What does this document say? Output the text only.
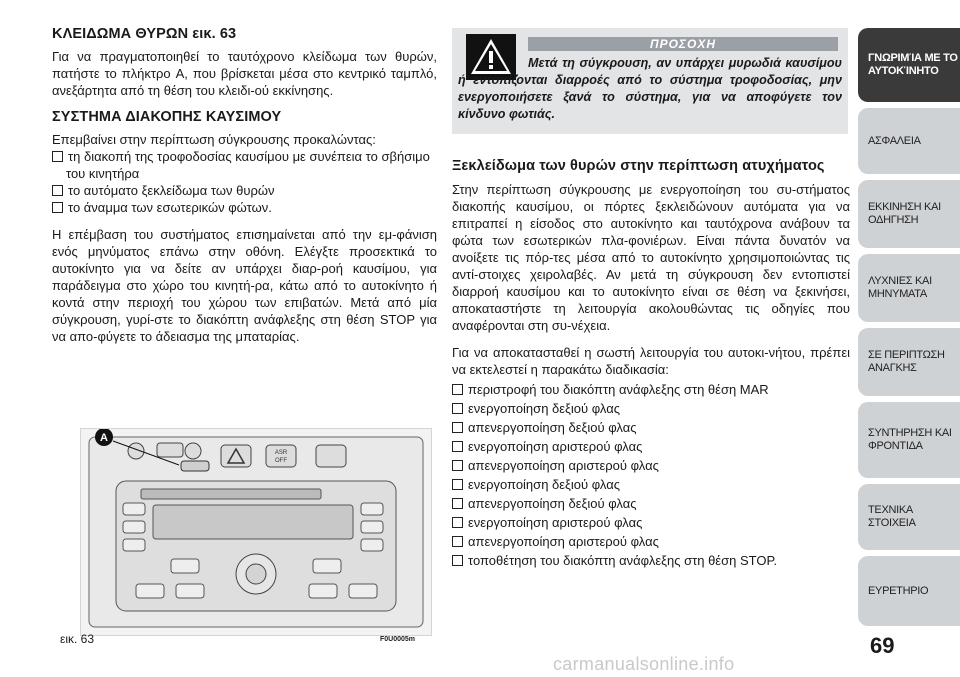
ΚΛΕΙΔΩΜΑ ΘΥΡΩΝ εικ. 63

Για να πραγματοποιηθεί το ταυτόχρονο κλείδωμα των θυρών, πατήστε το πλήκτρο A, που βρίσκεται μέσα στο κεντρικό ταμπλό, ανεξάρτητα από τη θέση του κλειδι-ού εκκίνησης.

ΣΥΣΤΗΜΑ ΔΙΑΚΟΠΗΣ ΚΑΥΣΙΜΟΥ

Επεμβαίνει στην περίπτωση σύγκρουσης προκαλώντας:

τη διακοπή της τροφοδοσίας καυσίμου με συνέπεια το σβήσιμο του κινητήρα
το αυτόματο ξεκλείδωμα των θυρών
το άναμμα των εσωτερικών φώτων.

Η επέμβαση του συστήματος επισημαίνεται από την εμ-φάνιση ενός μηνύματος επάνω στην οθόνη. Ελέγξτε προσεκτικά το αυτοκίνητο για να δείτε αν υπάρχει διαρ-ροή καυσίμου, για παράδειγμα στο χώρο του κινητή-ρα, κάτω από το αυτοκίνητο ή κοντά στην περιοχή του χώρου των επιβατών. Μετά από μία σύγκρουση, γυρί-στε το διακόπτη ανάφλεξης στη θέση STOP για να απο-φύγετε το άδειασμα της μπαταρίας.

ASR
OFF
A
εικ. 63	F0U0005m
ΠΡΟΣΟΧΗ
Μετά τη σύγκρουση, αν υπάρχει μυρωδιά καυσίμου ή εντοπίζονται διαρροές από το σύστημα τροφοδοσίας, μην ενεργοποιήσετε ξανά το σύστημα, για να αποφύγετε τον κίνδυνο φωτιάς.
Ξεκλείδωμα των θυρών στην περίπτωση ατυχήματος

Στην περίπτωση σύγκρουσης με ενεργοποίηση του συ-στήματος διακοπής καυσίμου, οι πόρτες ξεκλειδώνουν αυτόματα για να επιτραπεί η είσοδος στο αυτοκίνητο και ταυτόχρονα ανάβουν τα φώτα των εσωτερικών πλα-φονιέρων. Είναι πάντα δυνατόν να ανοίξετε τις πόρ-τες μέσα από το αυτοκίνητο χρησιμοποιώντας τις αντί-στοιχες χειρολαβές. Αν μετά τη σύγκρουση δεν εντοπιστεί διαρροή καυσίμου και το αυτοκίνητο είναι σε θέση να ξεκινήσει, αποκαταστήστε τη λειτουργία ακολουθώντας τις οδηγίες που αναφέρονται στη συ-νέχεια.

Για να αποκατασταθεί η σωστή λειτουργία του αυτοκι-νήτου, πρέπει να εκτελεστεί η παρακάτω διαδικασία:

περιστροφή του διακόπτη ανάφλεξης στη θέση MAR
ενεργοποίηση δεξιού φλας
απενεργοποίηση δεξιού φλας
ενεργοποίηση αριστερού φλας
απενεργοποίηση αριστερού φλας
ενεργοποίηση δεξιού φλας
απενεργοποίηση δεξιού φλας
ενεργοποίηση αριστερού φλας
απενεργοποίηση αριστερού φλας
τοποθέτηση του διακόπτη ανάφλεξης στη θέση STOP.
ΓΝΩΡΙΜΊΑ ΜΕ ΤΟ
ΑΥΤΟΚΊΝΗΤΟ
ΑΣΦΑΛΕΙΑ
ΕΚΚΙΝΗΣΗ ΚΑΙ
ΟΔΗΓΗΣΗ
ΛΥΧΝΙΕΣ ΚΑΙ
ΜΗΝΥΜΑΤΑ
ΣΕ ΠΕΡΙΠΤΩΣΗ
ΑΝΑΓΚΗΣ
ΣΥΝΤΗΡΗΣΗ ΚΑΙ
ΦΡΟΝΤΙΔΑ
ΤΕΧΝΙΚΑ ΣΤΟΙΧΕΙΑ
ΕΥΡΕΤΗΡΙΟ
69
carmanualsonline.info
